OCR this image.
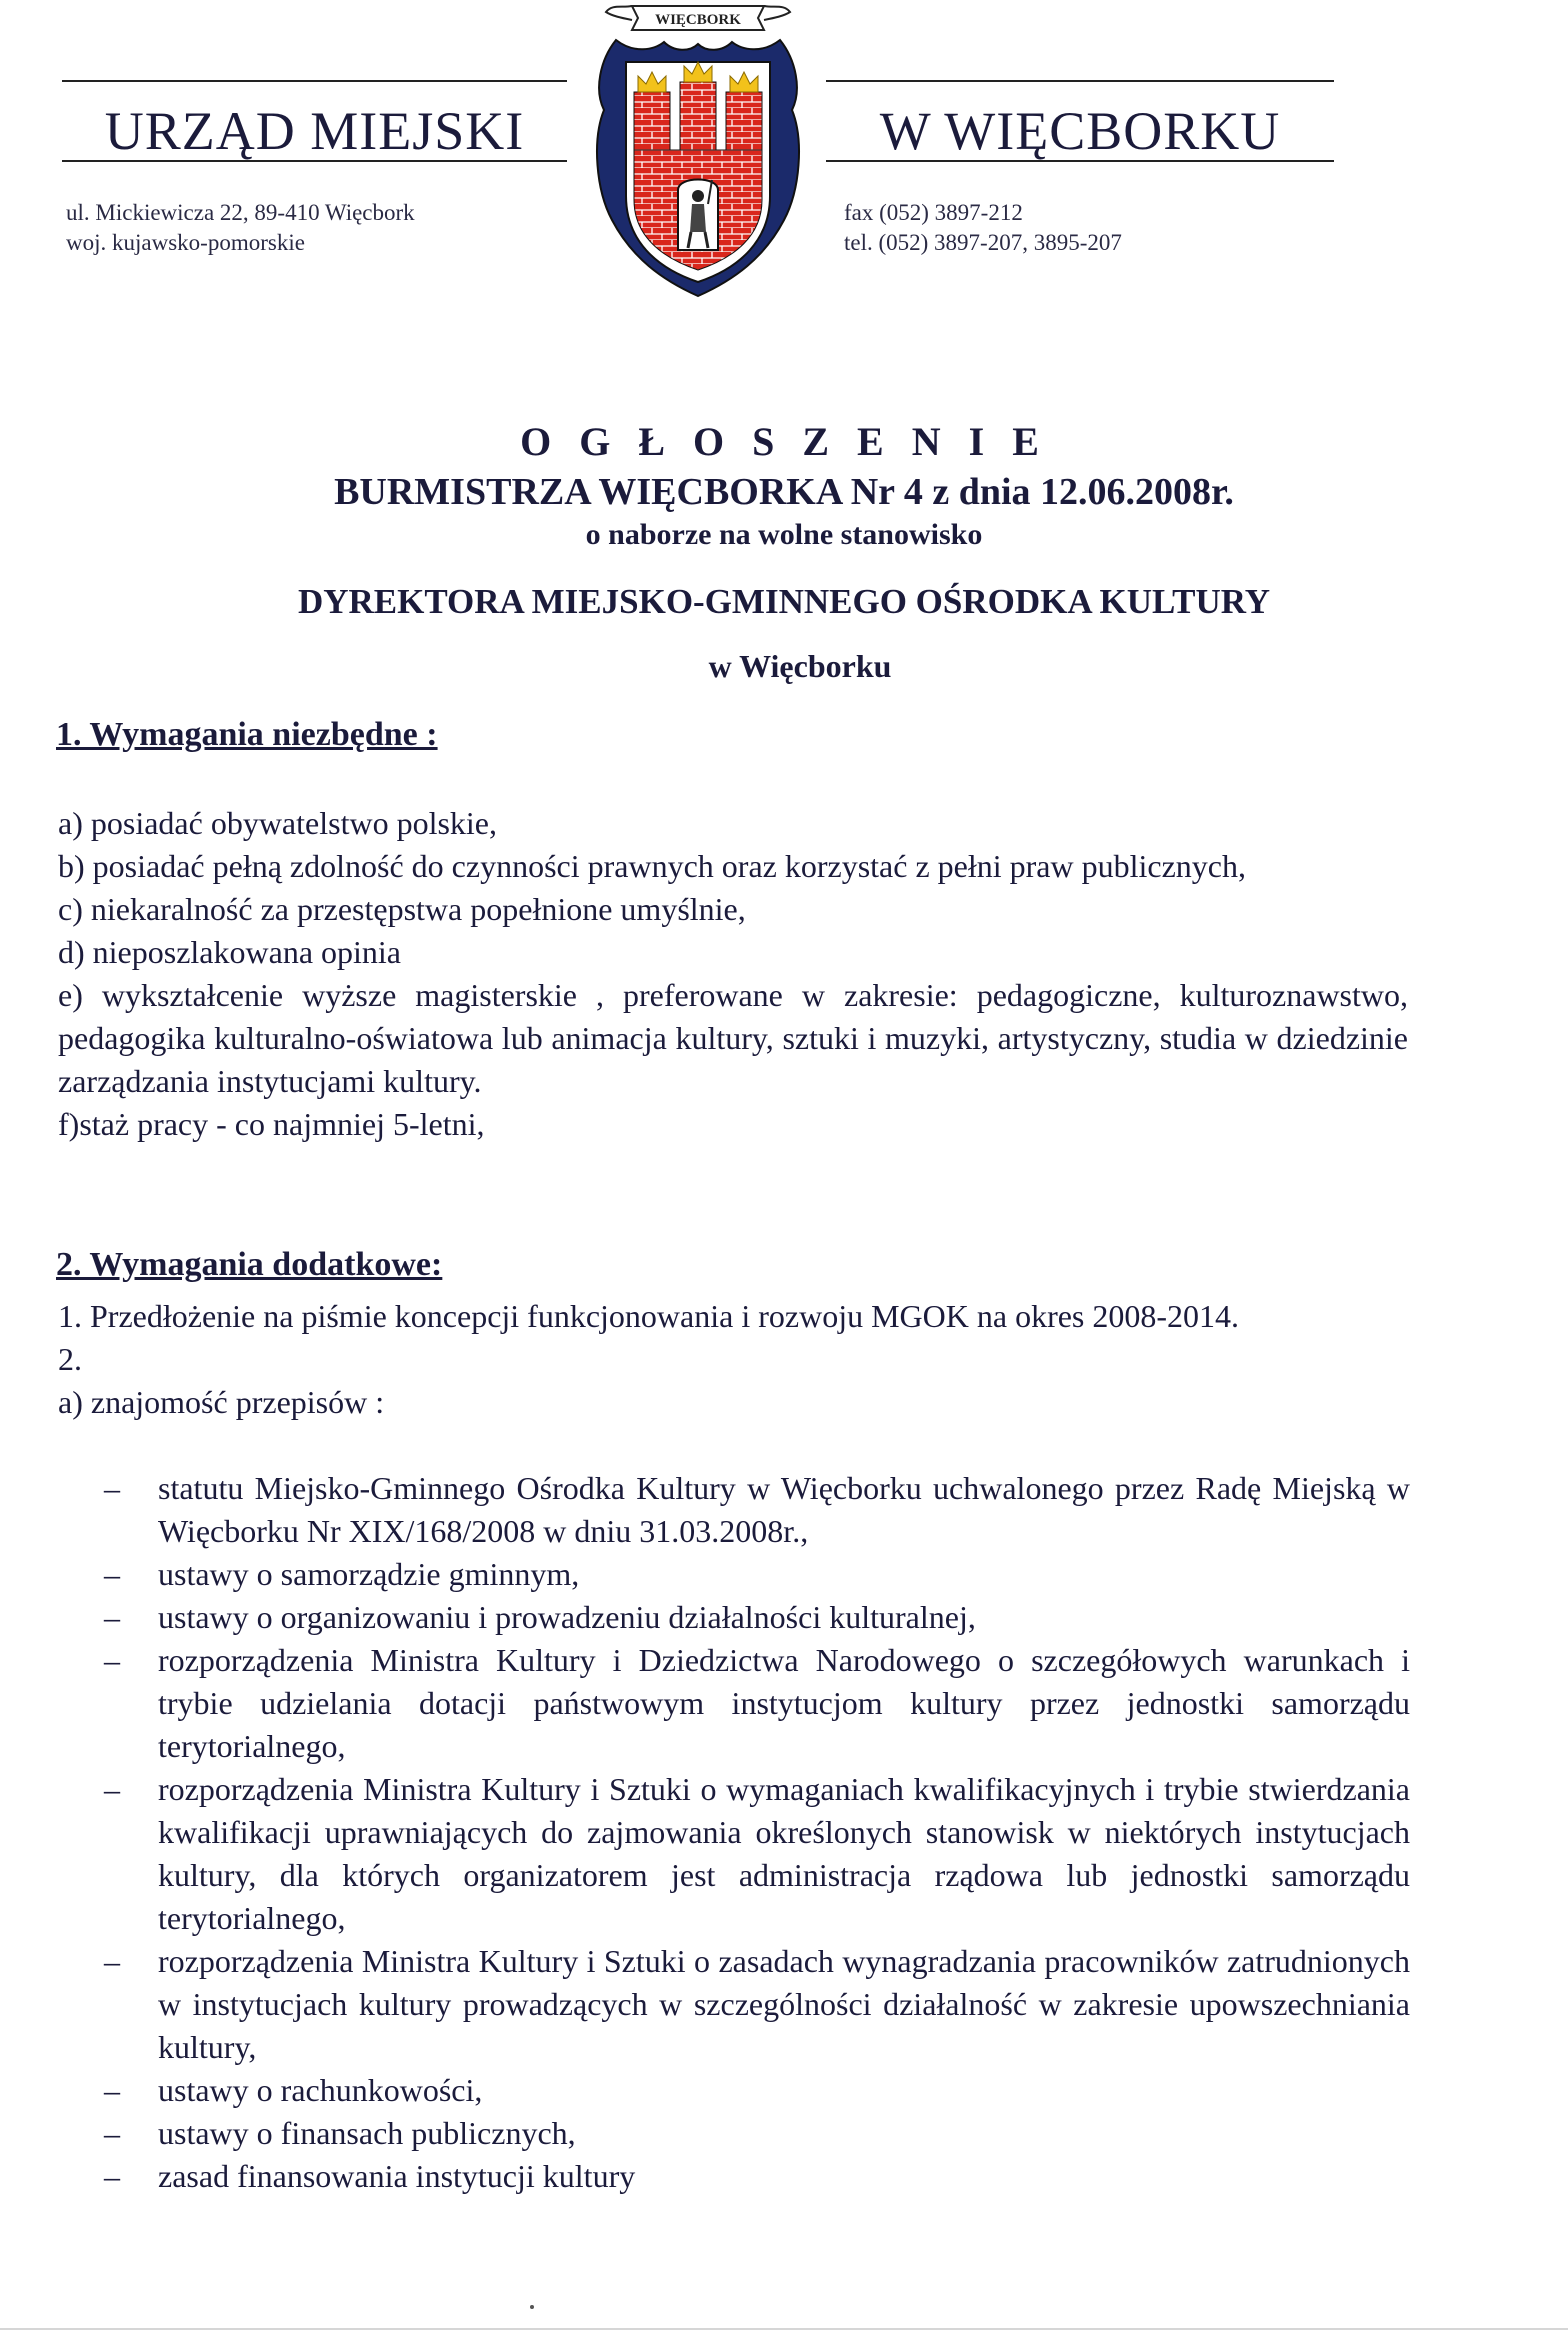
URZĄD MIEJSKI	W WIĘCBORKU
ul. Mickiewicza 22, 89-410 Więcbork
woj. kujawsko-pomorskie
fax (052) 3897-212
tel. (052) 3897-207, 3895-207
WIĘCBORK
O G Ł O S Z E N I E
BURMISTRZA WIĘCBORKA Nr 4 z dnia 12.06.2008r.
o naborze na wolne stanowisko
DYREKTORA MIEJSKO-GMINNEGO OŚRODKA KULTURY
w Więcborku
1. Wymagania niezbędne :

a) posiadać obywatelstwo polskie,

b) posiadać pełną zdolność do czynności prawnych oraz korzystać z pełni praw publicznych,

c) niekaralność za przestępstwa popełnione umyślnie,

d) nieposzlakowana opinia

e) wykształcenie wyższe magisterskie , preferowane w zakresie: pedagogiczne, kulturoznawstwo, pedagogika kulturalno-oświatowa lub animacja kultury, sztuki i muzyki, artystyczny, studia w dziedzinie zarządzania instytucjami kultury.

f)staż pracy - co najmniej 5-letni,

2. Wymagania dodatkowe:

1. Przedłożenie na piśmie koncepcji funkcjonowania i rozwoju MGOK na okres 2008-2014.

2.

a) znajomość przepisów :

– statutu Miejsko-Gminnego Ośrodka Kultury w Więcborku uchwalonego przez Radę Miejską w Więcborku Nr XIX/168/2008 w dniu 31.03.2008r.,
– ustawy o samorządzie gminnym,
– ustawy o organizowaniu i prowadzeniu działalności kulturalnej,
– rozporządzenia Ministra Kultury i Dziedzictwa Narodowego o szczegółowych warunkach i trybie udzielania dotacji państwowym instytucjom kultury przez jednostki samorządu terytorialnego,
– rozporządzenia Ministra Kultury i Sztuki o wymaganiach kwalifikacyjnych i trybie stwierdzania kwalifikacji uprawniających do zajmowania określonych stanowisk w niektórych instytucjach kultury, dla których organizatorem jest administracja rządowa lub jednostki samorządu terytorialnego,
– rozporządzenia Ministra Kultury i Sztuki o zasadach wynagradzania pracowników zatrudnionych w instytucjach kultury prowadzących w szczególności działalność w zakresie upowszechniania kultury,
– ustawy o rachunkowości,
– ustawy o finansach publicznych,
– zasad finansowania instytucji kultury
